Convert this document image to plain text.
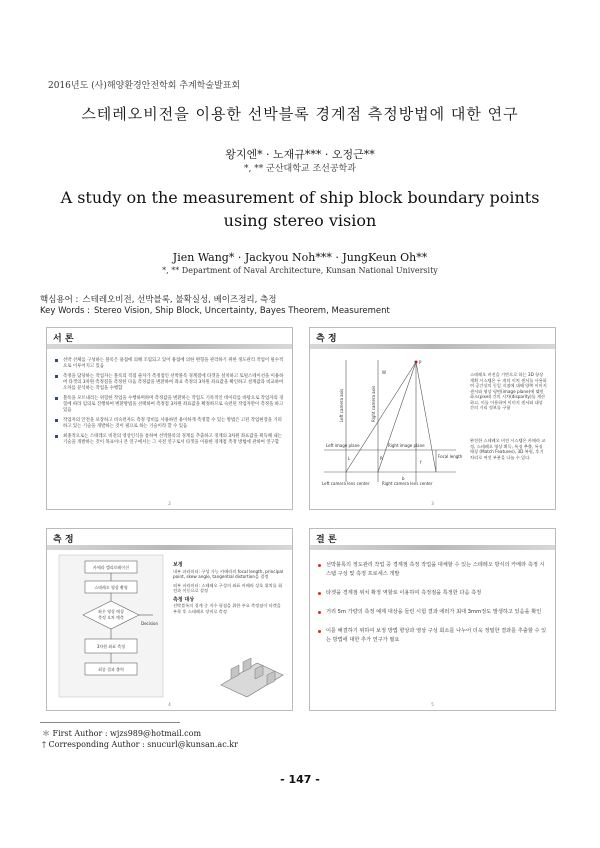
2016년도 (사)해양환경안전학회 추계학술발표회
스테레오비전을 이용한 선박블록 경계점 측정방법에 대한 연구
왕지엔* · 노재규*** · 오정근**
*, ** 군산대학교 조선공학과
A study on the measurement of ship block boundary points using stereo vision
Jien Wang* · Jackyou Noh*** · JungKeun Oh**
*, ** Department of Naval Architecture, Kunsan National University
핵심용어 : 스테레오비전, 선박블록, 불확실성, 베이즈정리, 측정
Key Words : Stereo Vision, Ship Block, Uncertainty, Bayes Theorem, Measurement
서 론
선박 선체를 구성하는 블록은 용접에 의해 조립되고 있어 용접에 의한 변형을 관리하기 위한 정도관리 작업이 필수적으로 이루어지고 있음
측정을 담당하는 작업자는 블록의 직접 줄자가 측정점인 선박블록 경계점에 타겟을 설치하고 토털스테이션을 이용하여 타겟의 3차원 측정점을 측정한 다음 측정값을 변환하여 좌표 측정의 3차원 좌표값을 확인하고 설계값과 비교하여 오차를 분석하는 작업을 수행함
블록을 모르내리는 위험한 작업을 수행하며하며 측정값을 변환하는 작업도 기록적인 데이터를 바탕으로 작업자의 경험에 따라 임의로 진행하여 변환방법을 선택하여 측정점 3차원 좌표값을 확정하므로 숙련된 작업자만이 측정을 하고 있음
작업자의 안전을 보장하고 비숙련자도 측정 장비를 사용하면 용이하게 측정할 수 있는 방법은 고된 작업현장을 기피하고 있는 기술을 개발하는 것이 필요로 하는 기술이라 할 수 있음
최종적으로는 스테레오 비전의 영상인식을 통하여 선박블록의 경계를 추출하고 경계의 3차원 좌표값을 획득해 내는 기술을 개발하는 것이 목표이나 본 연구에서는 그 사전 연구로서 타겟을 이용한 경계점 측정 방법에 관하여 연구함
2
측 정
P
W
L	R
f
b
Left image plane	Right image plane
Focal length
Left camera lens center	Right camera lens center
Left camera axis	Right camera axis
스테레오 비전을 기반으로 하는 3D 항상 계획 시스템은 두 개의 이치 센서를 사용하여 공간상의 동일 지점에 대해 양쪽 이미지 센서와 영상 평면(image plane)에 맺힌 화소(pixel) 간의 시차(disparity)를 계산하고, 이를 이용하여 이미지 센서와 대상 간의 거리 정보를 구함
완전한 스테레오 비전 시스템은 카메라 교정, 스테레오 영상 획득, 특징 추출, 특징 매칭 (Match Features), 3D 복원, 후기 처리로 여섯 부분을 나눌 수 있다.
3
측 정
카메라 캘리브레이션
스테레오 영상 촬영
좌우 영상 매칭
측정 오차 예측
Decision
3차원 좌표 측정
최종 결과 출력
보정
내부 파라미터: 구성 가능 카메라의 focal length, principal point, skew angle, tangential distortion을 결정
외부 파라미터: 스테레오 구성의 좌표 카메라 상호 위치를 회전과 이동으로 결정
측정 대상
선박블록의 경계 중 지수 평점을 위한 주요 측정점이 타겟을 부착 후 스테레오 장비로 측정
4
결 론
선박블록의 정도관리 작업 중 경계점 측정 작업을 대체할 수 있는 스테레오 방식의 카메라 측정 시스템 구성 및 측정 프로세스 개발
타겟을 경계점 위치 확정 역할로 이용하여 측정점을 특정한 다음 측정
거리 5m 가량의 측정 예제 대상을 들린 시험 결과 에러가 최대 3mm정도 발생하고 있음을 확인
이를 해결하기 위하여 보정 방법 향상과 영상 구성 회소를 나누어 더욱 정밀한 결과를 추출할 수 있는 방법에 대한 추가 연구가 필요
5
＊ First Author : wjzs989@hotmail.com
† Corresponding Author : snucurl@kunsan.ac.kr
- 147 -
